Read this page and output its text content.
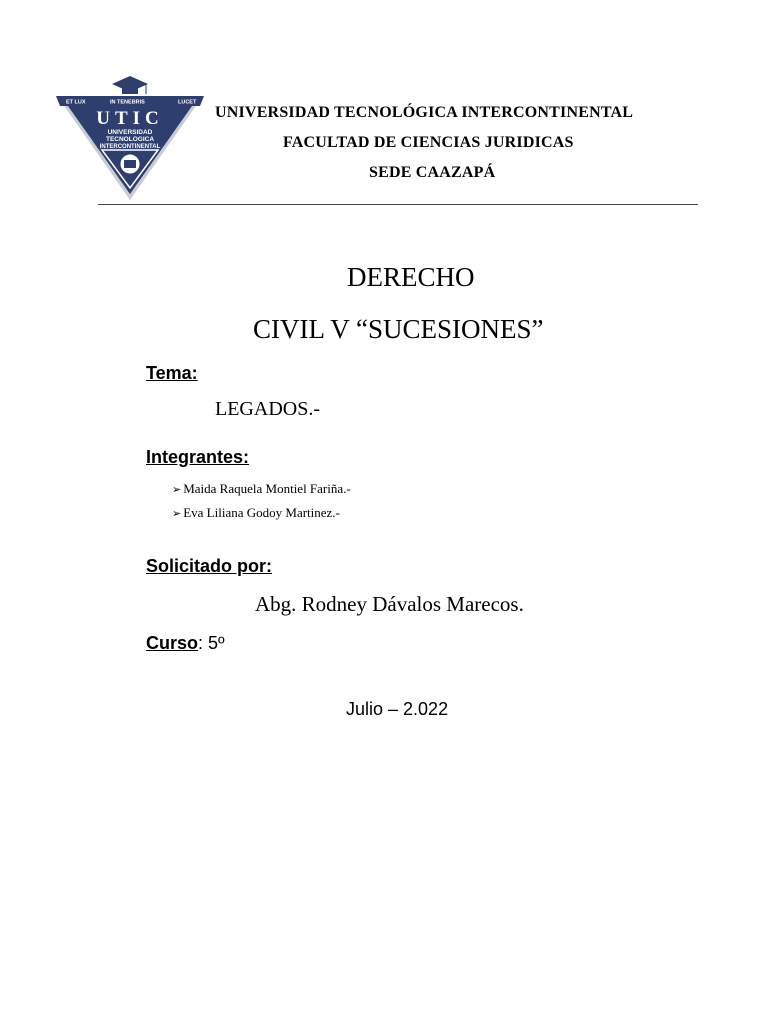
ET LUX	IN TENEBRIS	LUCET
UTIC
UNIVERSIDAD
TECNOLOGICA
INTERCONTINENTAL
UNIVERSIDAD TECNOLÓGICA INTERCONTINENTAL
FACULTAD DE CIENCIAS JURIDICAS
SEDE CAAZAPÁ
DERECHO
CIVIL V “SUCESIONES”
Tema:
LEGADOS.-
Integrantes:
➢ Maida Raquela Montiel Fariña.-
➢ Eva Liliana Godoy Martinez.-
Solicitado por:
Abg. Rodney Dávalos Marecos.
Curso: 5º
Julio – 2.022
